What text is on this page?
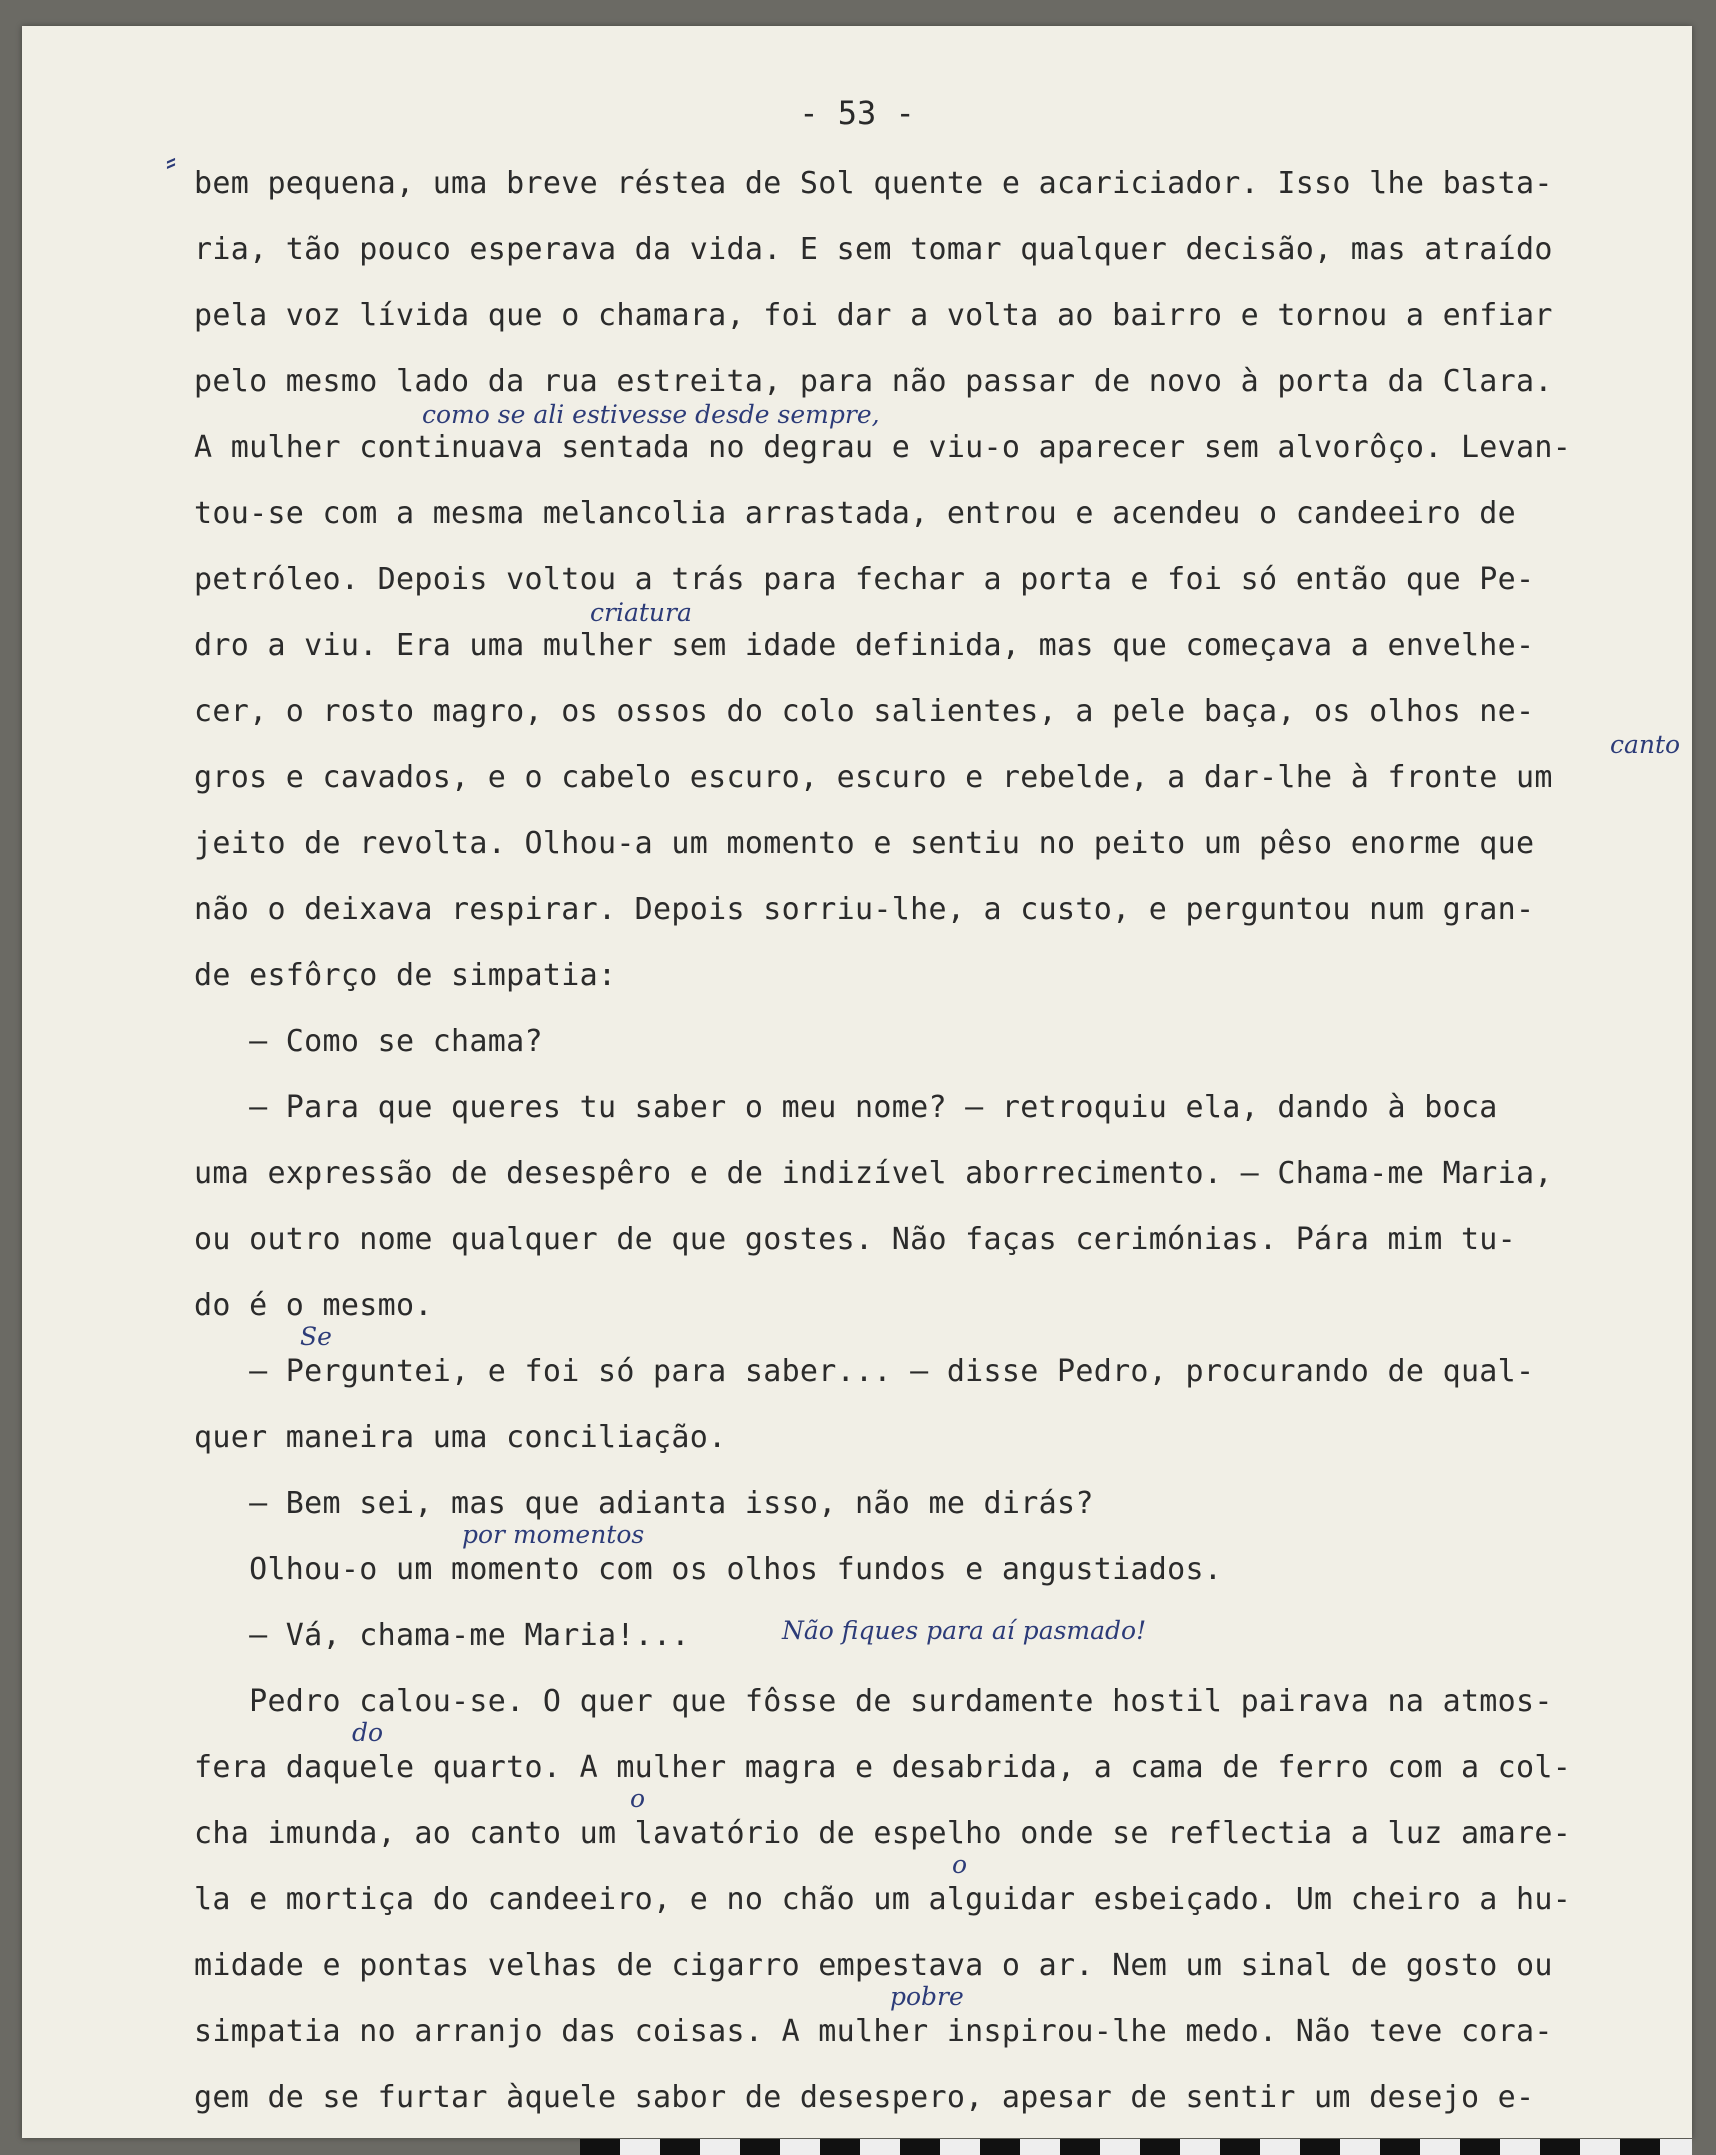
- 53 -
bem pequena, uma breve réstea de Sol quente e acariciador. Isso lhe basta-
ria, tão pouco esperava da vida. E sem tomar qualquer decisão, mas atraído
pela voz lívida que o chamara, foi dar a volta ao bairro e tornou a enfiar
pelo mesmo lado da rua estreita, para não passar de novo à porta da Clara.
A mulher continuava sentada no degrau e viu-o aparecer sem alvorôço. Levan-
tou-se com a mesma melancolia arrastada, entrou e acendeu o candeeiro de
petróleo. Depois voltou a trás para fechar a porta e foi só então que Pe-
dro a viu. Era uma mulher sem idade definida, mas que começava a envelhe-
cer, o rosto magro, os ossos do colo salientes, a pele baça, os olhos ne-
gros e cavados, e o cabelo escuro, escuro e rebelde, a dar-lhe à fronte um
jeito de revolta. Olhou-a um momento e sentiu no peito um pêso enorme que
não o deixava respirar. Depois sorriu-lhe, a custo, e perguntou num gran-
de esfôrço de simpatia:
— Como se chama?
— Para que queres tu saber o meu nome? — retroquiu ela, dando à boca
uma expressão de desespêro e de indizível aborrecimento. — Chama-me Maria,
ou outro nome qualquer de que gostes. Não faças cerimónias. Pára mim tu-
do é o mesmo.
— Perguntei, e foi só para saber... — disse Pedro, procurando de qual-
quer maneira uma conciliação.
— Bem sei, mas que adianta isso, não me dirás?
Olhou-o um momento com os olhos fundos e angustiados.
— Vá, chama-me Maria!...
Pedro calou-se. O quer que fôsse de surdamente hostil pairava na atmos-
fera daquele quarto. A mulher magra e desabrida, a cama de ferro com a col-
cha imunda, ao canto um lavatório de espelho onde se reflectia a luz amare-
la e mortiça do candeeiro, e no chão um alguidar esbeiçado. Um cheiro a hu-
midade e pontas velhas de cigarro empestava o ar. Nem um sinal de gosto ou
simpatia no arranjo das coisas. A mulher inspirou-lhe medo. Não teve cora-
gem de se furtar àquele sabor de desespero, apesar de sentir um desejo e-
⸗
como se ali estivesse desde sempre,
criatura
canto
Se
por momentos
Não fiques para aí pasmado!
do
o
o
pobre
